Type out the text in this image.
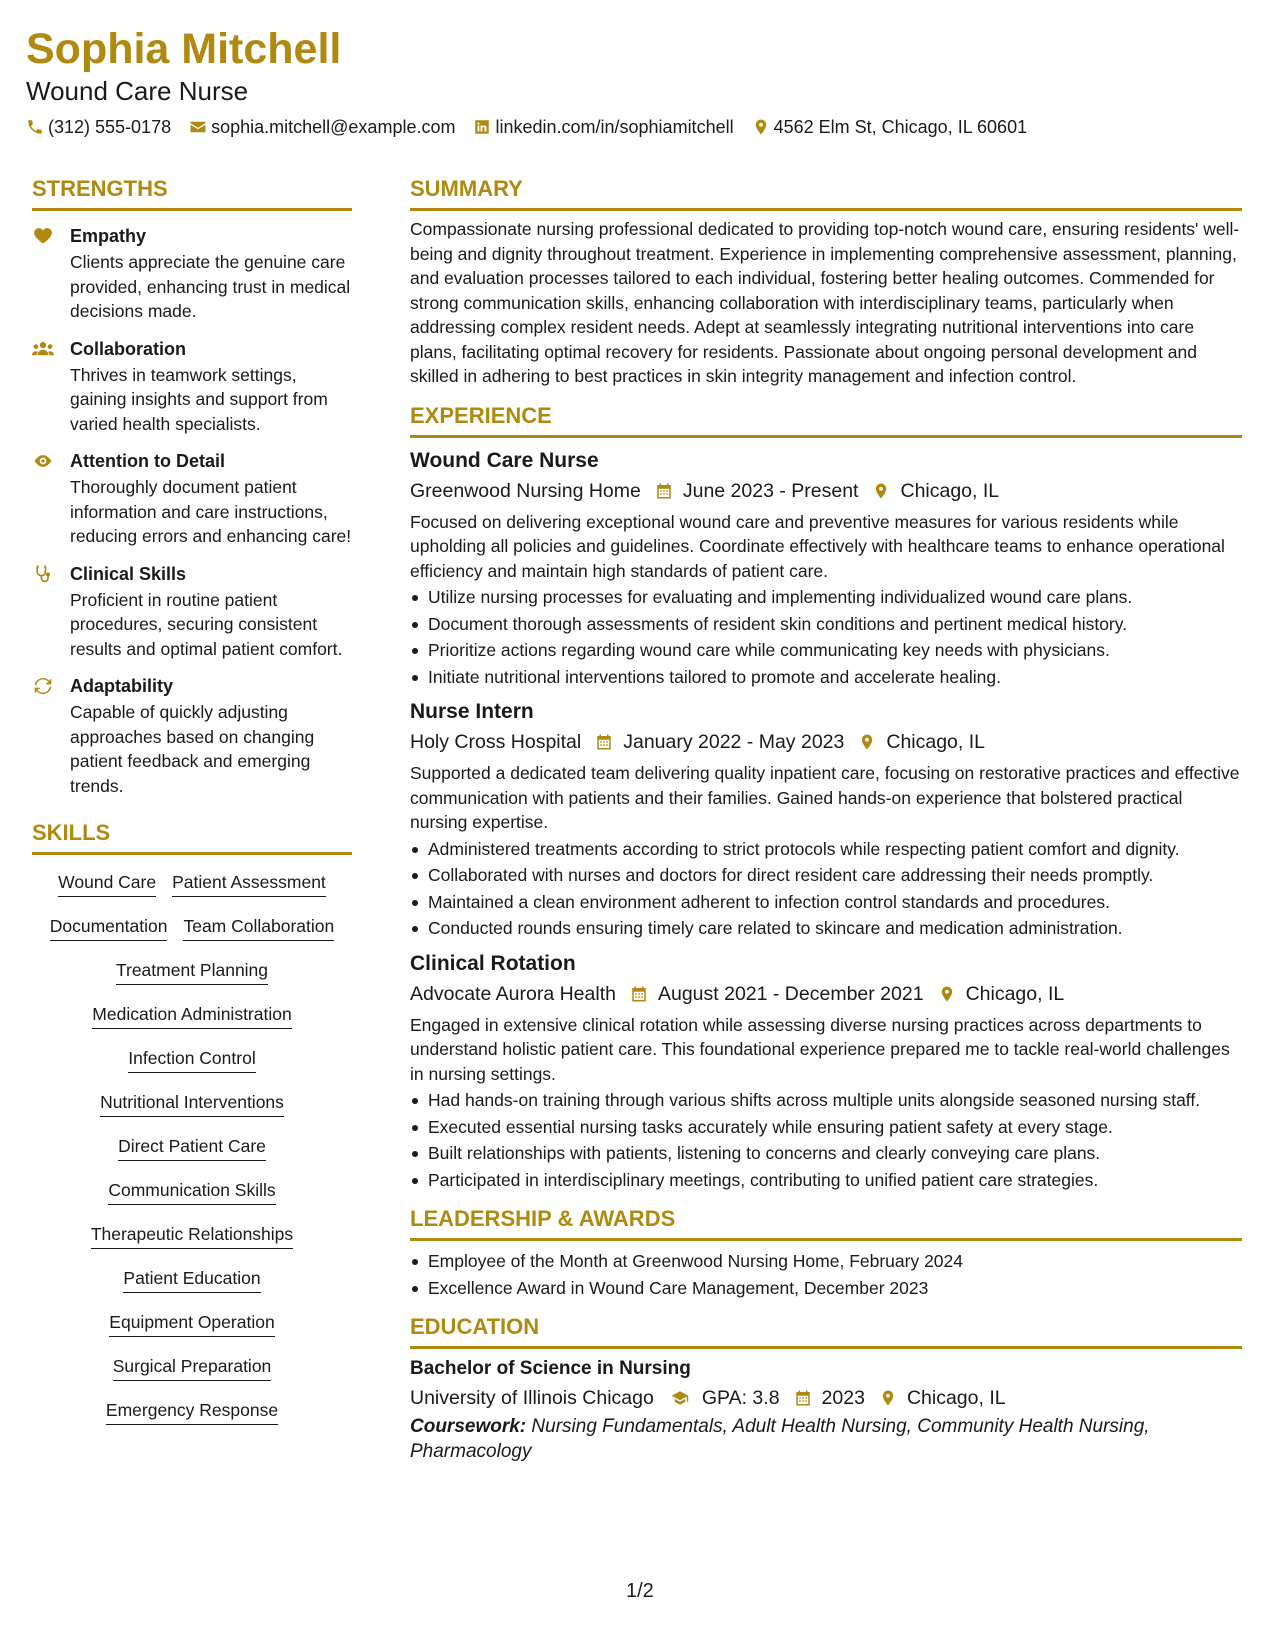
Sophia Mitchell
Wound Care Nurse
(312) 555-0178 sophia.mitchell@example.com linkedin.com/in/sophiamitchell 4562 Elm St, Chicago, IL 60601
STRENGTHS
Empathy
Clients appreciate the genuine care provided, enhancing trust in medical decisions made.
Collaboration
Thrives in teamwork settings, gaining insights and support from varied health specialists.
Attention to Detail
Thoroughly document patient information and care instructions, reducing errors and enhancing care!
Clinical Skills
Proficient in routine patient procedures, securing consistent results and optimal patient comfort.
Adaptability
Capable of quickly adjusting approaches based on changing patient feedback and emerging trends.
SKILLS
Wound Care Patient Assessment
Documentation Team Collaboration
Treatment Planning
Medication Administration
Infection Control
Nutritional Interventions
Direct Patient Care
Communication Skills
Therapeutic Relationships
Patient Education
Equipment Operation
Surgical Preparation
Emergency Response
SUMMARY
Compassionate nursing professional dedicated to providing top-notch wound care, ensuring residents' well-being and dignity throughout treatment. Experience in implementing comprehensive assessment, planning, and evaluation processes tailored to each individual, fostering better healing outcomes. Commended for strong communication skills, enhancing collaboration with interdisciplinary teams, particularly when addressing complex resident needs. Adept at seamlessly integrating nutritional interventions into care plans, facilitating optimal recovery for residents. Passionate about ongoing personal development and skilled in adhering to best practices in skin integrity management and infection control.
EXPERIENCE
Wound Care Nurse
Greenwood Nursing Home June 2023 - Present Chicago, IL
Focused on delivering exceptional wound care and preventive measures for various residents while upholding all policies and guidelines. Coordinate effectively with healthcare teams to enhance operational efficiency and maintain high standards of patient care.
Utilize nursing processes for evaluating and implementing individualized wound care plans.
Document thorough assessments of resident skin conditions and pertinent medical history.
Prioritize actions regarding wound care while communicating key needs with physicians.
Initiate nutritional interventions tailored to promote and accelerate healing.
Nurse Intern
Holy Cross Hospital January 2022 - May 2023 Chicago, IL
Supported a dedicated team delivering quality inpatient care, focusing on restorative practices and effective communication with patients and their families. Gained hands-on experience that bolstered practical nursing expertise.
Administered treatments according to strict protocols while respecting patient comfort and dignity.
Collaborated with nurses and doctors for direct resident care addressing their needs promptly.
Maintained a clean environment adherent to infection control standards and procedures.
Conducted rounds ensuring timely care related to skincare and medication administration.
Clinical Rotation
Advocate Aurora Health August 2021 - December 2021 Chicago, IL
Engaged in extensive clinical rotation while assessing diverse nursing practices across departments to understand holistic patient care. This foundational experience prepared me to tackle real-world challenges in nursing settings.
Had hands-on training through various shifts across multiple units alongside seasoned nursing staff.
Executed essential nursing tasks accurately while ensuring patient safety at every stage.
Built relationships with patients, listening to concerns and clearly conveying care plans.
Participated in interdisciplinary meetings, contributing to unified patient care strategies.
LEADERSHIP & AWARDS
Employee of the Month at Greenwood Nursing Home, February 2024
Excellence Award in Wound Care Management, December 2023
EDUCATION
Bachelor of Science in Nursing
University of Illinois Chicago GPA: 3.8 2023 Chicago, IL
Coursework: Nursing Fundamentals, Adult Health Nursing, Community Health Nursing, Pharmacology
1/2
